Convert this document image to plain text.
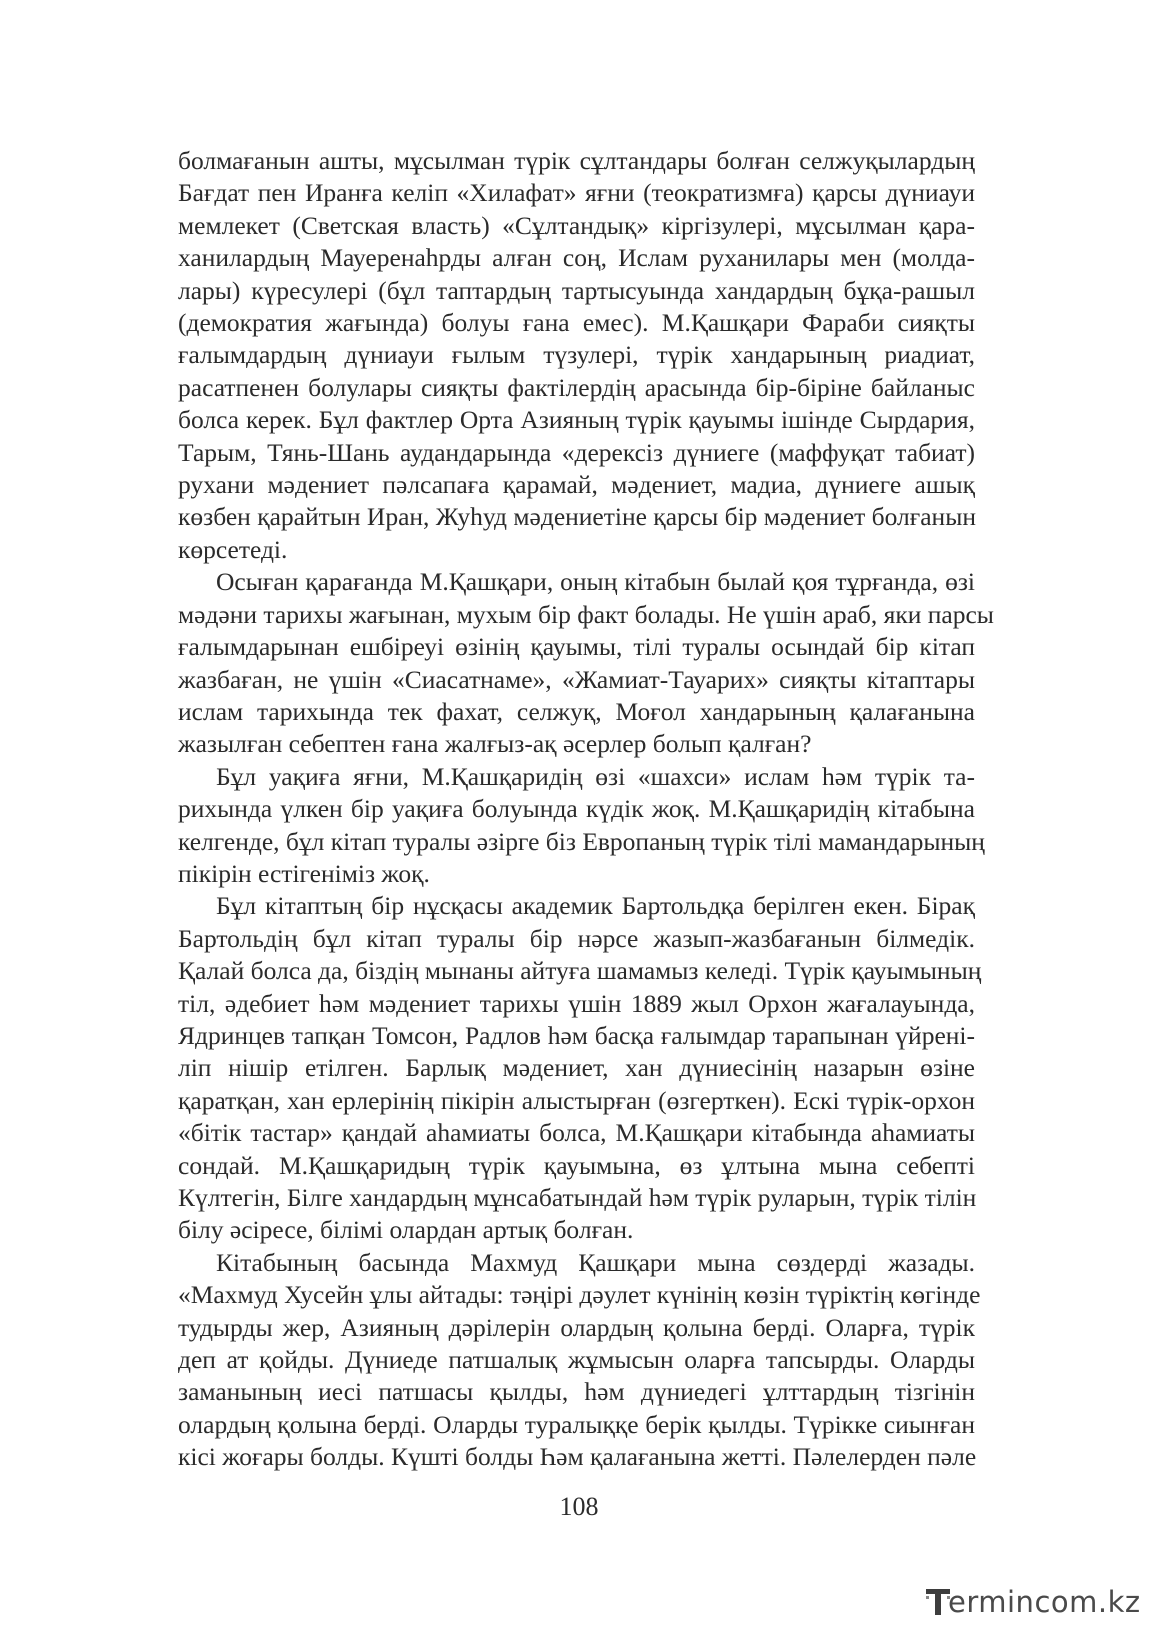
болмағанын ашты, мұсылман түрік сұлтандары болған селжуқылардың
Бағдат пен Иранға келіп «Хилафат» яғни (теократизмға) қарсы дүниауи
мемлекет (Светская власть) «Сұлтандық» кіргізулері, мұсылман қара-
ханилардың Мауеренаһрды алған соң, Ислам руханилары мен (молда-
лары) күресулері (бұл таптардың тартысуында хандардың бұқа-рашыл
(демократия жағында) болуы ғана емес). М.Қашқари Фараби сияқты
ғалымдардың дүниауи ғылым түзулері, түрік хандарының риадиат,
расатпенен болулары сияқты фактілердің арасында бір-біріне байланыс
болса керек. Бұл фактлер Орта Азияның түрік қауымы ішінде Сырдария,
Тарым, Тянь-Шань аудандарында «дерексіз дүниеге (маффуқат табиат)
рухани мәдениет пәлсапаға қарамай, мәдениет, мадиа, дүниеге ашық
көзбен қарайтын Иран, Жуһуд мәдениетіне қарсы бір мәдениет болғанын
көрсетеді.
Осыған қарағанда М.Қашқари, оның кітабын былай қоя тұрғанда, өзі
мәдәни тарихы жағынан, мухым бір факт болады. Не үшін араб, яки парсы
ғалымдарынан ешбіреуі өзінің қауымы, тілі туралы осындай бір кітап
жазбаған, не үшін «Сиасатнаме», «Жамиат-Тауарих» сияқты кітаптары
ислам тарихында тек фахат, селжуқ, Моғол хандарының қалағанына
жазылған себептен ғана жалғыз-ақ әсерлер болып қалған?
Бұл уақиға яғни, М.Қашқаридің өзі «шахси» ислам һәм түрік та-
рихында үлкен бір уақиға болуында күдік жоқ. М.Қашқаридің кітабына
келгенде, бұл кітап туралы әзірге біз Европаның түрік тілі мамандарының
пікірін естігеніміз жоқ.
Бұл кітаптың бір нұсқасы академик Бартольдқа берілген екен. Бірақ
Бартольдің бұл кітап туралы бір нәрсе жазып-жазбағанын білмедік.
Қалай болса да, біздің мынаны айтуға шамамыз келеді. Түрік қауымының
тіл, әдебиет һәм мәдениет тарихы үшін 1889 жыл Орхон жағалауында,
Ядринцев тапқан Томсон, Радлов һәм басқа ғалымдар тарапынан үйрені-
ліп нішір етілген. Барлық мәдениет, хан дүниесінің назарын өзіне
қаратқан, хан ерлерінің пікірін алыстырған (өзгерткен). Ескі түрік-орхон
«бітік тастар» қандай аһамиаты болса, М.Қашқари кітабында аһамиаты
сондай. М.Қашқаридың түрік қауымына, өз ұлтына мына себепті
Күлтегін, Білге хандардың мұнсабатындай һәм түрік руларын, түрік тілін
білу әсіресе, білімі олардан артық болған.
Кітабының басында Махмуд Қашқари мына сөздерді жазады.
«Махмуд Хусейн ұлы айтады: тәңірі дәулет күнінің көзін түріктің көгінде
тудырды жер, Азияның дәрілерін олардың қолына берді. Оларға, түрік
деп ат қойды. Дүниеде патшалық жұмысын оларға тапсырды. Оларды
заманының иесі патшасы қылды, һәм дүниедегі ұлттардың тізгінін
олардың қолына берді. Оларды туралыққе берік қылды. Түрікке сиынған
кісі жоғары болды. Күшті болды Һәм қалағанына жетті. Пәлелерден пәле
108
ermincom.kz
